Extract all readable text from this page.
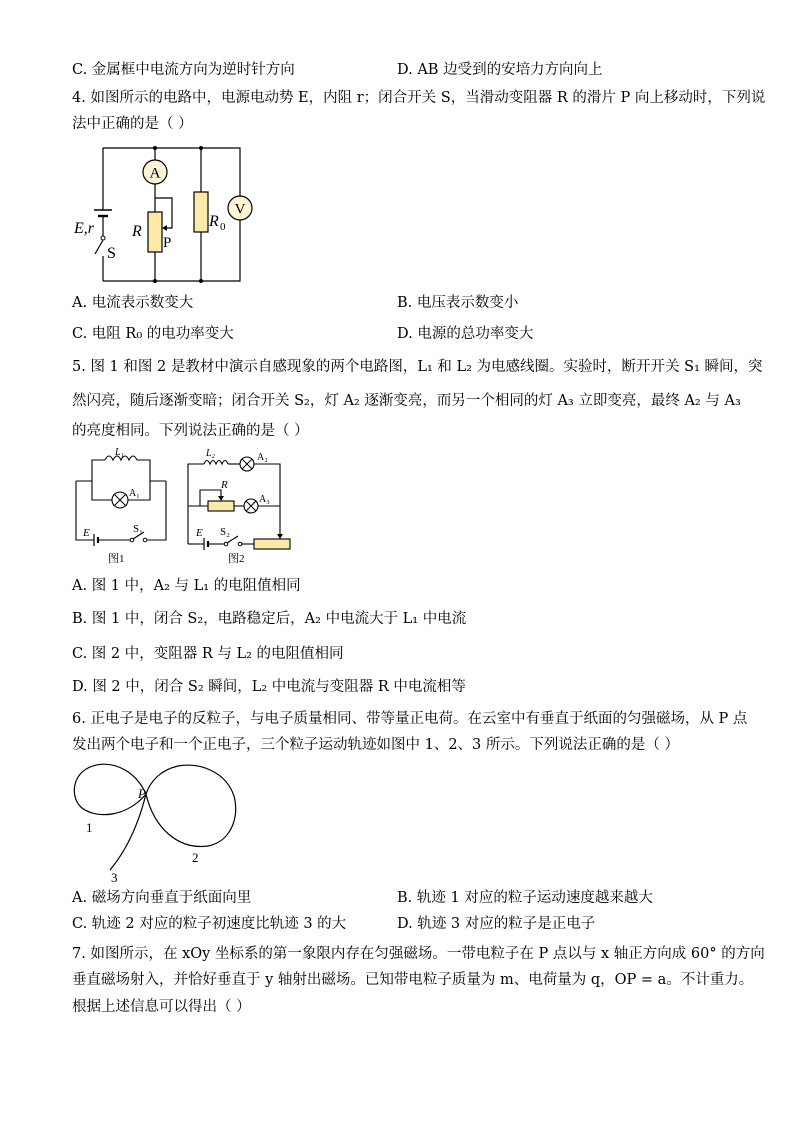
C. 金属框中电流方向为逆时针方向	D. AB 边受到的安培力方向向上
4. 如图所示的电路中，电源电动势 E，内阻 r；闭合开关 S，当滑动变阻器 R 的滑片 P 向上移动时，下列说
法中正确的是（ ）
E,r
S
A
R
P
R 0
V
A. 电流表示数变大	B. 电压表示数变小
C. 电阻 R₀ 的电功率变大	D. 电源的总功率变大
5. 图 1 和图 2 是教材中演示自感现象的两个电路图，L₁ 和 L₂ 为电感线圈。实验时，断开开关 S₁ 瞬间，突
然闪亮，随后逐渐变暗；闭合开关 S₂，灯 A₂ 逐渐变亮，而另一个相同的灯 A₃ 立即变亮，最终 A₂ 与 A₃
的亮度相同。下列说法正确的是（ ）
L₁
A₁
E	S₁
图1
L₂	A₂
R
A₃
E S₂
图2
A. 图 1 中，A₂ 与 L₁ 的电阻值相同
B. 图 1 中，闭合 S₂，电路稳定后，A₂ 中电流大于 L₁ 中电流
C. 图 2 中，变阻器 R 与 L₂ 的电阻值相同
D. 图 2 中，闭合 S₂ 瞬间，L₂ 中电流与变阻器 R 中电流相等
6. 正电子是电子的反粒子，与电子质量相同、带等量正电荷。在云室中有垂直于纸面的匀强磁场，从 P 点
发出两个电子和一个正电子，三个粒子运动轨迹如图中 1、2、3 所示。下列说法正确的是（ ）
P
1
2
3
A. 磁场方向垂直于纸面向里	B. 轨迹 1 对应的粒子运动速度越来越大
C. 轨迹 2 对应的粒子初速度比轨迹 3 的大	D. 轨迹 3 对应的粒子是正电子
7. 如图所示，在 xOy 坐标系的第一象限内存在匀强磁场。一带电粒子在 P 点以与 x 轴正方向成 60° 的方向
垂直磁场射入，并恰好垂直于 y 轴射出磁场。已知带电粒子质量为 m、电荷量为 q，OP = a。不计重力。
根据上述信息可以得出（ ）
